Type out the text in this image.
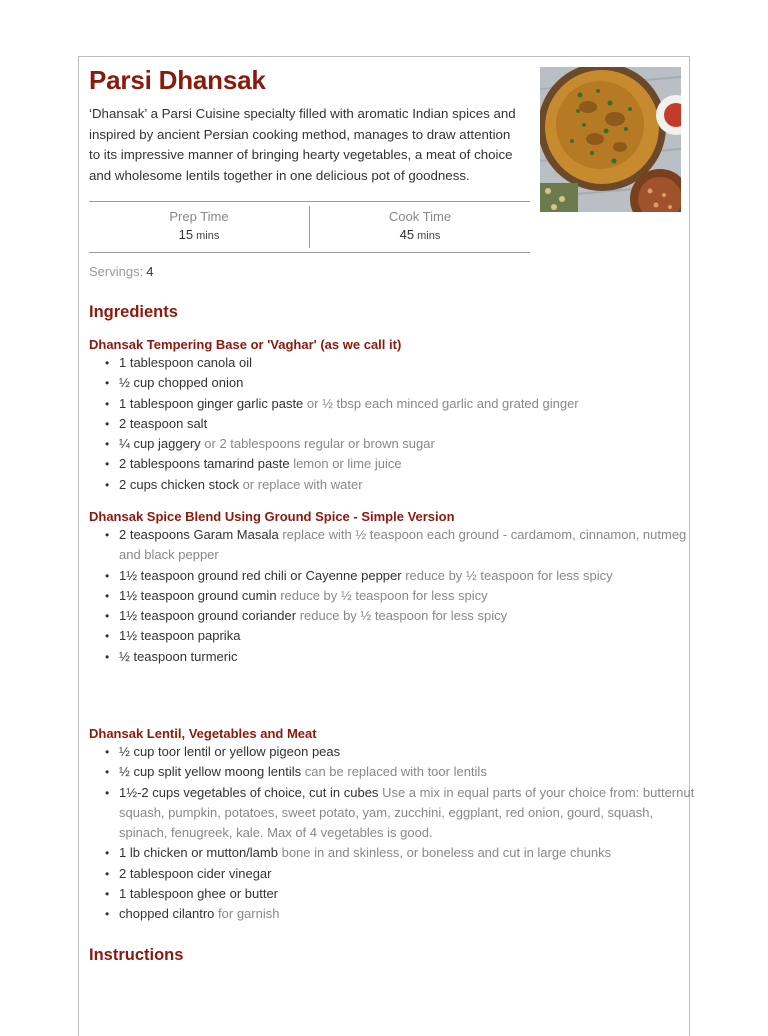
Parsi Dhansak

‘Dhansak’ a Parsi Cuisine specialty filled with aromatic Indian spices and inspired by ancient Persian cooking method, manages to draw attention to its impressive manner of bringing hearty vegetables, a meat of choice and wholesome lentils together in one delicious pot of goodness.

Prep Time
15 mins
Cook Time
45 mins
Servings: 4
Ingredients
Dhansak Tempering Base or 'Vaghar' (as we call it)
• 1 tablespoon canola oil
• ½ cup chopped onion
• 1 tablespoon ginger garlic paste or ½ tbsp each minced garlic and grated ginger
• 2 teaspoon salt
• ¼ cup jaggery or 2 tablespoons regular or brown sugar
• 2 tablespoons tamarind paste lemon or lime juice
• 2 cups chicken stock or replace with water
Dhansak Spice Blend Using Ground Spice - Simple Version
• 2 teaspoons Garam Masala replace with ½ teaspoon each ground - cardamom, cinnamon, nutmeg and black pepper
• 1½ teaspoon ground red chili or Cayenne pepper reduce by ½ teaspoon for less spicy
• 1½ teaspoon ground cumin reduce by ½ teaspoon for less spicy
• 1½ teaspoon ground coriander reduce by ½ teaspoon for less spicy
• 1½ teaspoon paprika
• ½ teaspoon turmeric
Dhansak Lentil, Vegetables and Meat
• ½ cup toor lentil or yellow pigeon peas
• ½ cup split yellow moong lentils can be replaced with toor lentils
• 1½-2 cups vegetables of choice, cut in cubes Use a mix in equal parts of your choice from: butternut squash, pumpkin, potatoes, sweet potato, yam, zucchini, eggplant, red onion, gourd, squash, spinach, fenugreek, kale. Max of 4 vegetables is good.
• 1 lb chicken or mutton/lamb bone in and skinless, or boneless and cut in large chunks
• 2 tablespoon cider vinegar
• 1 tablespoon ghee or butter
• chopped cilantro for garnish
Instructions
